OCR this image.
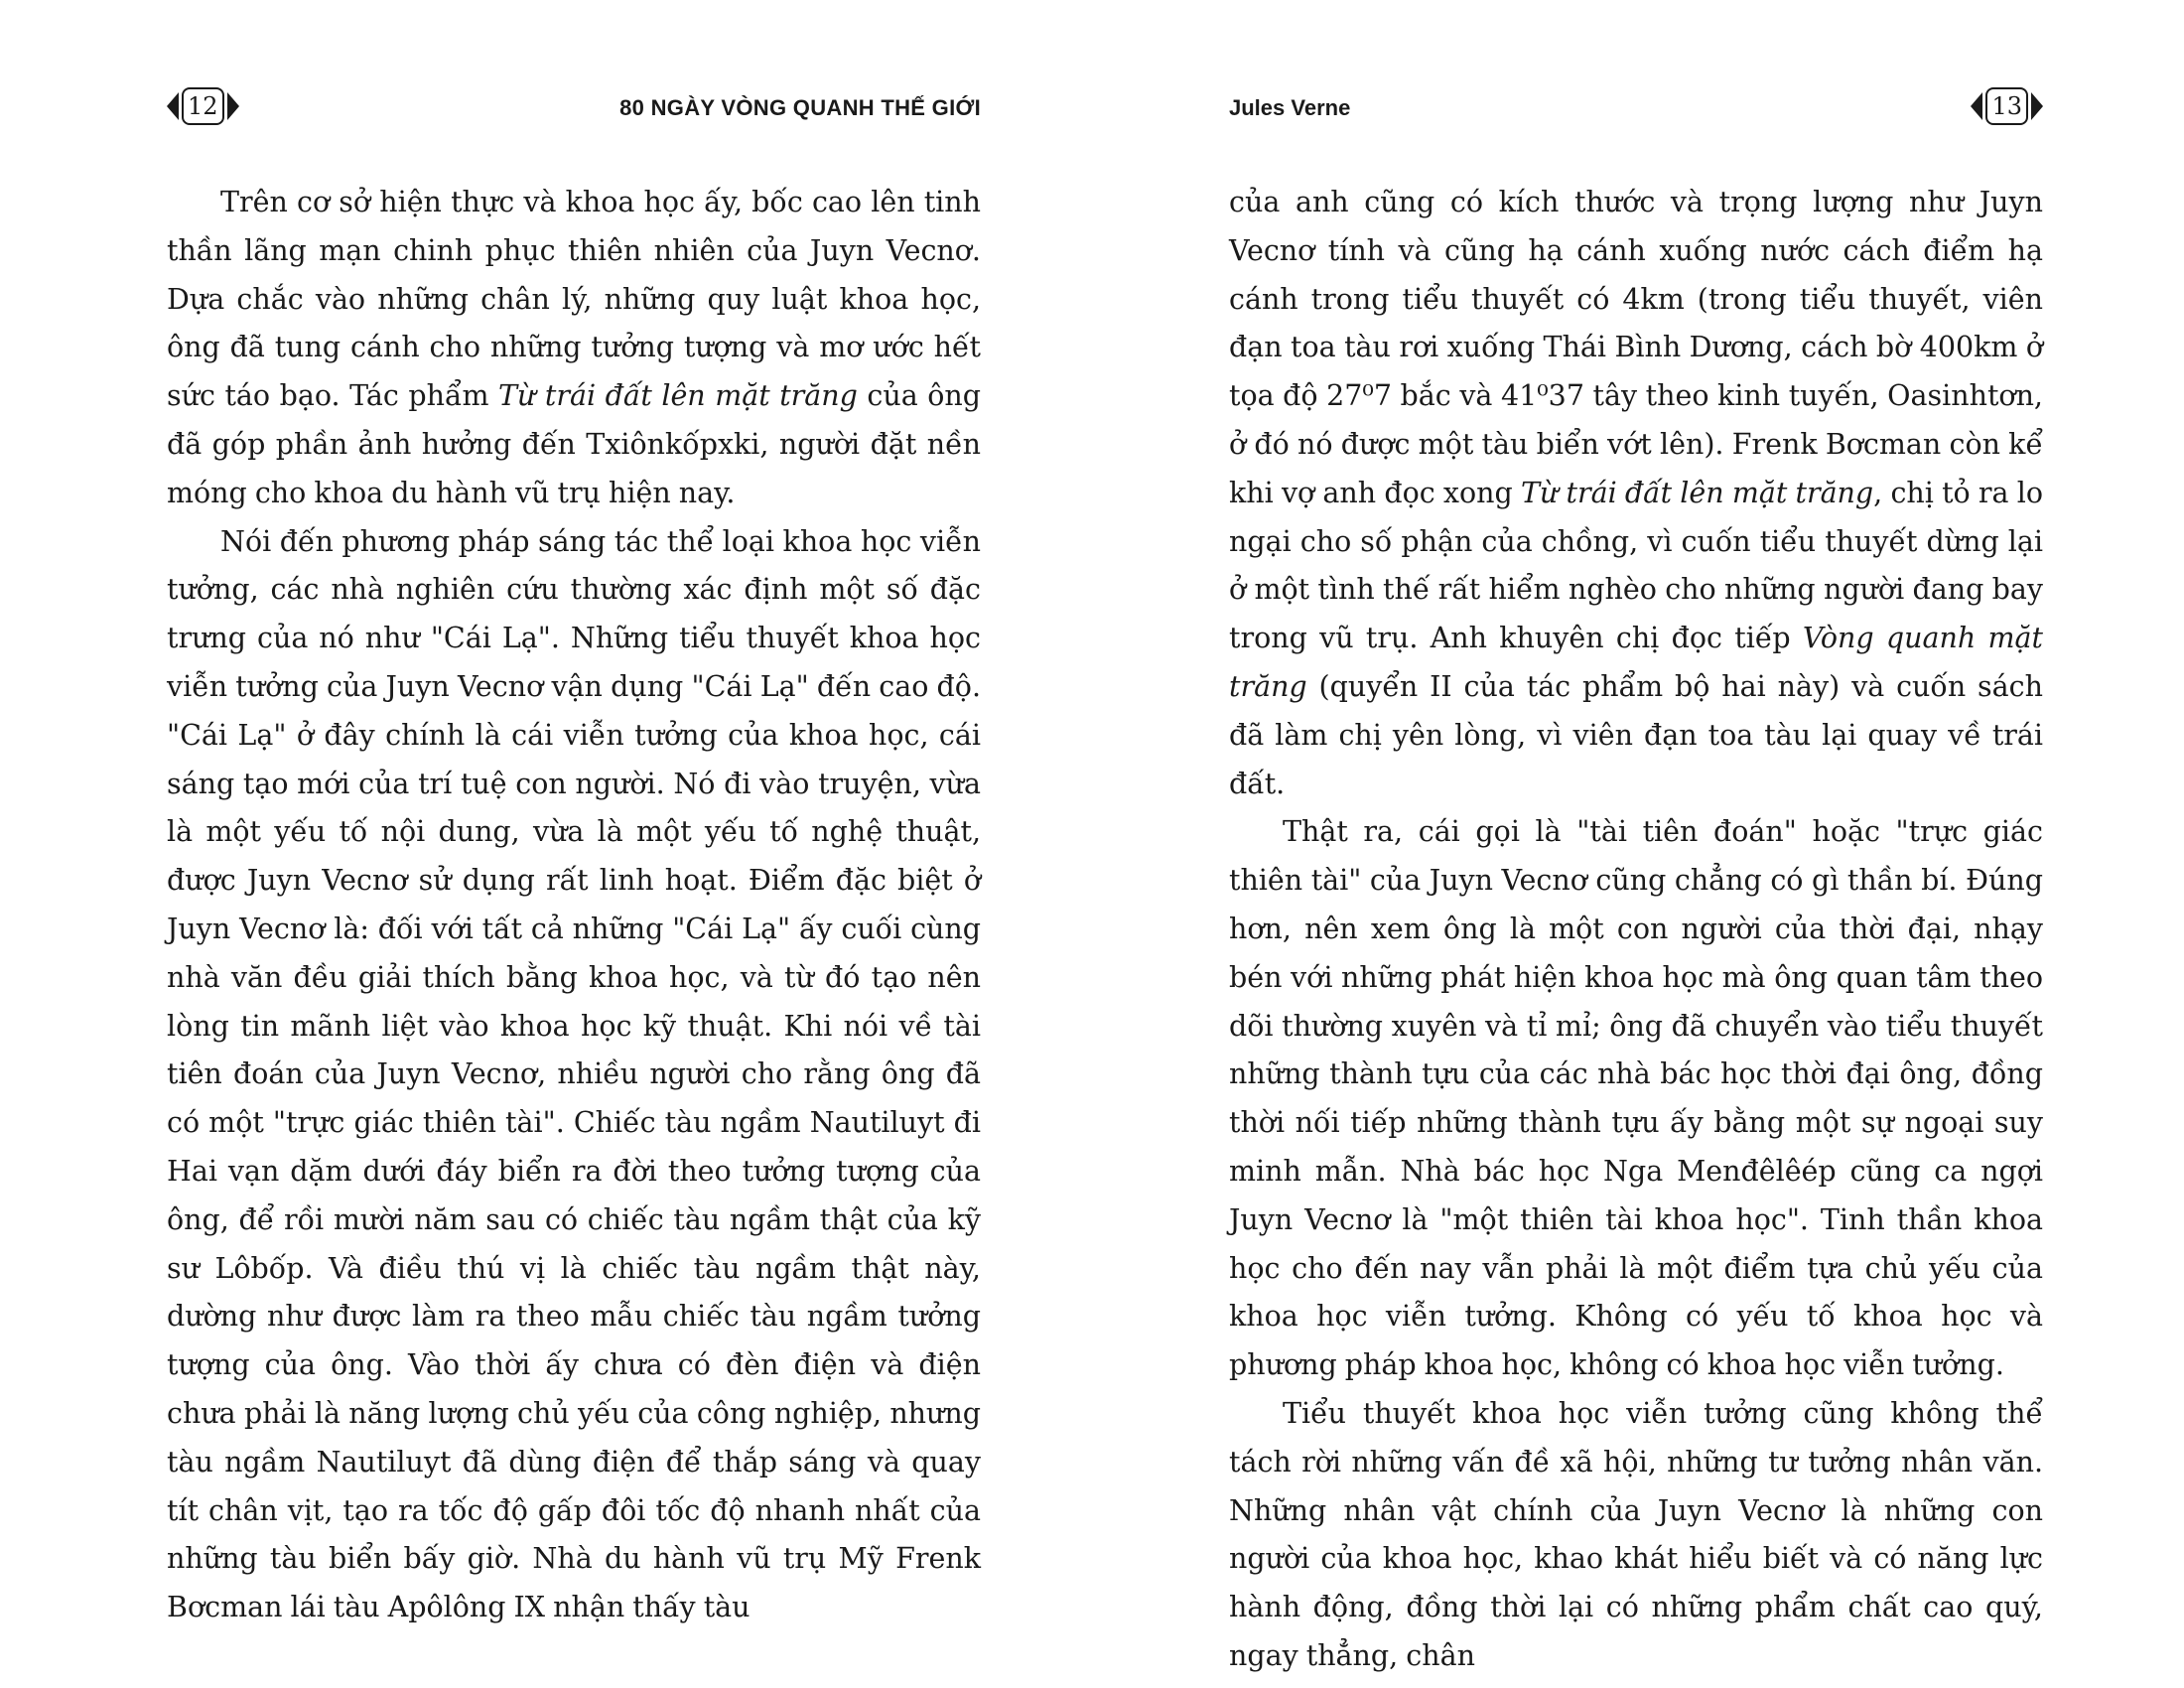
12	80 NGÀY VÒNG QUANH THẾ GIỚI

Trên cơ sở hiện thực và khoa học ấy, bốc cao lên tinh thần lãng mạn chinh phục thiên nhiên của Juyn Vecnơ. Dựa chắc vào những chân lý, những quy luật khoa học, ông đã tung cánh cho những tưởng tượng và mơ ước hết sức táo bạo. Tác phẩm Từ trái đất lên mặt trăng của ông đã góp phần ảnh hưởng đến Txiônkốpxki, người đặt nền móng cho khoa du hành vũ trụ hiện nay.

Nói đến phương pháp sáng tác thể loại khoa học viễn tưởng, các nhà nghiên cứu thường xác định một số đặc trưng của nó như "Cái Lạ". Những tiểu thuyết khoa học viễn tưởng của Juyn Vecnơ vận dụng "Cái Lạ" đến cao độ. "Cái Lạ" ở đây chính là cái viễn tưởng của khoa học, cái sáng tạo mới của trí tuệ con người. Nó đi vào truyện, vừa là một yếu tố nội dung, vừa là một yếu tố nghệ thuật, được Juyn Vecnơ sử dụng rất linh hoạt. Điểm đặc biệt ở Juyn Vecnơ là: đối với tất cả những "Cái Lạ" ấy cuối cùng nhà văn đều giải thích bằng khoa học, và từ đó tạo nên lòng tin mãnh liệt vào khoa học kỹ thuật. Khi nói về tài tiên đoán của Juyn Vecnơ, nhiều người cho rằng ông đã có một "trực giác thiên tài". Chiếc tàu ngầm Nautiluyt đi Hai vạn dặm dưới đáy biển ra đời theo tưởng tượng của ông, để rồi mười năm sau có chiếc tàu ngầm thật của kỹ sư Lôbốp. Và điều thú vị là chiếc tàu ngầm thật này, dường như được làm ra theo mẫu chiếc tàu ngầm tưởng tượng của ông. Vào thời ấy chưa có đèn điện và điện chưa phải là năng lượng chủ yếu của công nghiệp, nhưng tàu ngầm Nautiluyt đã dùng điện để thắp sáng và quay tít chân vịt, tạo ra tốc độ gấp đôi tốc độ nhanh nhất của những tàu biển bấy giờ. Nhà du hành vũ trụ Mỹ Frenk Bơcman lái tàu Apôlông IX nhận thấy tàu

Jules Verne	13

của anh cũng có kích thước và trọng lượng như Juyn Vecnơ tính và cũng hạ cánh xuống nước cách điểm hạ cánh trong tiểu thuyết có 4km (trong tiểu thuyết, viên đạn toa tàu rơi xuống Thái Bình Dương, cách bờ 400km ở tọa độ 27⁰7 bắc và 41⁰37 tây theo kinh tuyến, Oasinhtơn, ở đó nó được một tàu biển vớt lên). Frenk Bơcman còn kể khi vợ anh đọc xong Từ trái đất lên mặt trăng, chị tỏ ra lo ngại cho số phận của chồng, vì cuốn tiểu thuyết dừng lại ở một tình thế rất hiểm nghèo cho những người đang bay trong vũ trụ. Anh khuyên chị đọc tiếp Vòng quanh mặt trăng (quyển II của tác phẩm bộ hai này) và cuốn sách đã làm chị yên lòng, vì viên đạn toa tàu lại quay về trái đất.

Thật ra, cái gọi là "tài tiên đoán" hoặc "trực giác thiên tài" của Juyn Vecnơ cũng chẳng có gì thần bí. Đúng hơn, nên xem ông là một con người của thời đại, nhạy bén với những phát hiện khoa học mà ông quan tâm theo dõi thường xuyên và tỉ mỉ; ông đã chuyển vào tiểu thuyết những thành tựu của các nhà bác học thời đại ông, đồng thời nối tiếp những thành tựu ấy bằng một sự ngoại suy minh mẫn. Nhà bác học Nga Menđêlêép cũng ca ngợi Juyn Vecnơ là "một thiên tài khoa học". Tinh thần khoa học cho đến nay vẫn phải là một điểm tựa chủ yếu của khoa học viễn tưởng. Không có yếu tố khoa học và phương pháp khoa học, không có khoa học viễn tưởng.

Tiểu thuyết khoa học viễn tưởng cũng không thể tách rời những vấn đề xã hội, những tư tưởng nhân văn. Những nhân vật chính của Juyn Vecnơ là những con người của khoa học, khao khát hiểu biết và có năng lực hành động, đồng thời lại có những phẩm chất cao quý, ngay thẳng, chân
